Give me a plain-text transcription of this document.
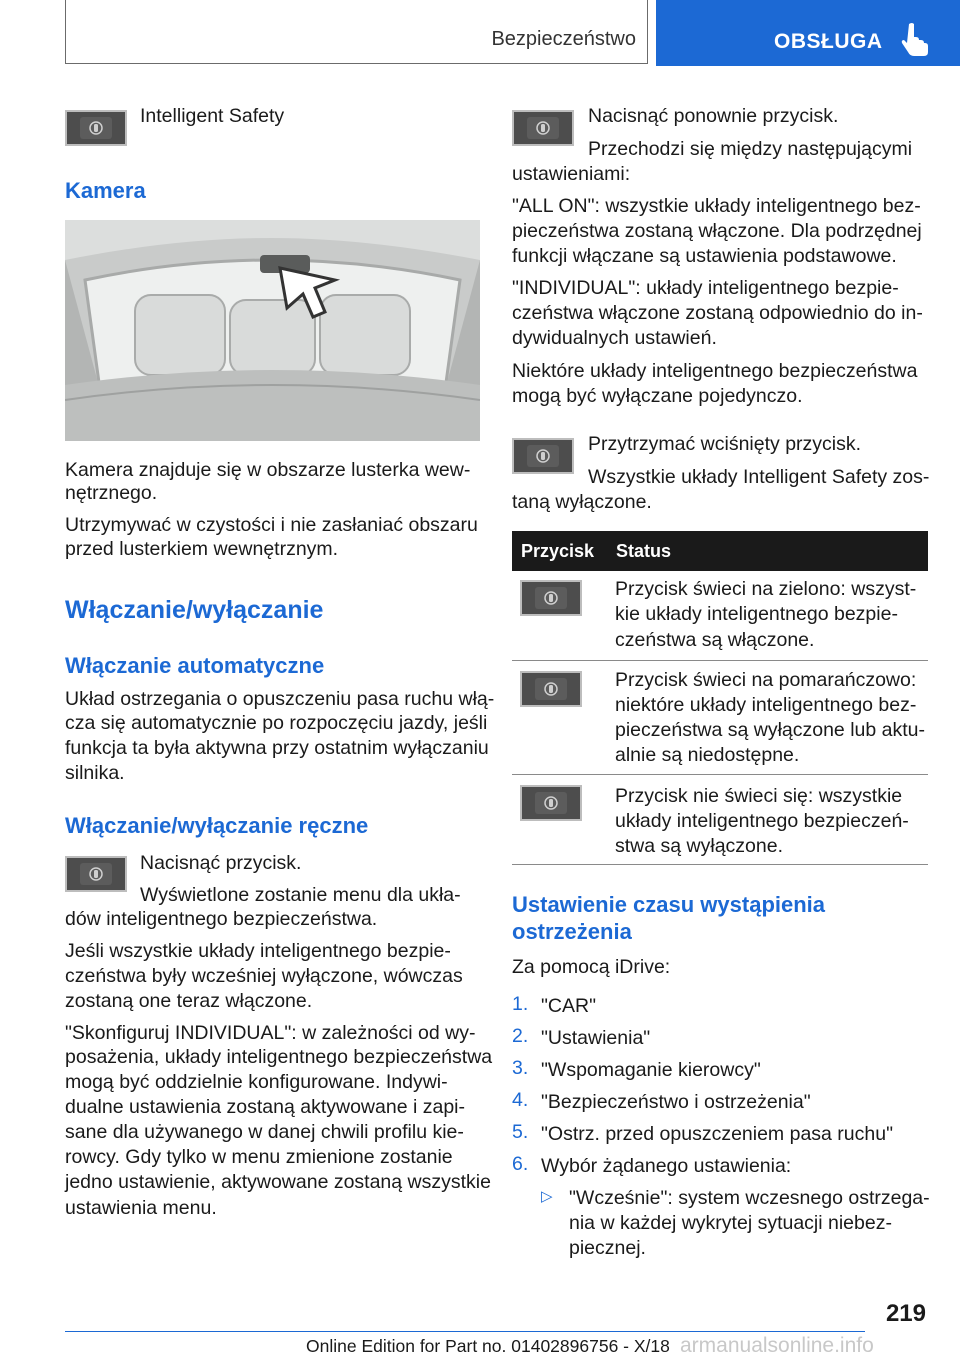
Bezpieczeństwo	OBSŁUGA
Intelligent Safety
Kamera
Kamera znajduje się w obszarze lusterka wew‐
nętrznego.
Utrzymywać w czystości i nie zasłaniać obszaru
przed lusterkiem wewnętrznym.
Włączanie/wyłączanie
Włączanie automatyczne
Układ ostrzegania o opuszczeniu pasa ruchu włą‐
cza się automatycznie po rozpoczęciu jazdy, jeśli
funkcja ta była aktywna przy ostatnim wyłączaniu
silnika.
Włączanie/wyłączanie ręczne
Nacisnąć przycisk.
Wyświetlone zostanie menu dla ukła‐
dów inteligentnego bezpieczeństwa.
Jeśli wszystkie układy inteligentnego bezpie‐
czeństwa były wcześniej wyłączone, wówczas
zostaną one teraz włączone.
"Skonfiguruj INDIVIDUAL": w zależności od wy‐
posażenia, układy inteligentnego bezpieczeństwa
mogą być oddzielnie konfigurowane. Indywi‐
dualne ustawienia zostaną aktywowane i zapi‐
sane dla używanego w danej chwili profilu kie‐
rowcy. Gdy tylko w menu zmienione zostanie
jedno ustawienie, aktywowane zostaną wszystkie
ustawienia menu.
Nacisnąć ponownie przycisk.
Przechodzi się między następującymi
ustawieniami:
"ALL ON": wszystkie układy inteligentnego bez‐
pieczeństwa zostaną włączone. Dla podrzędnej
funkcji włączane są ustawienia podstawowe.
"INDIVIDUAL": układy inteligentnego bezpie‐
czeństwa włączone zostaną odpowiednio do in‐
dywidualnych ustawień.
Niektóre układy inteligentnego bezpieczeństwa
mogą być wyłączane pojedynczo.
Przytrzymać wciśnięty przycisk.
Wszystkie układy Intelligent Safety zos‐
taną wyłączone.
Przycisk Status
Przycisk świeci na zielono: wszyst‐
kie układy inteligentnego bezpie‐
czeństwa są włączone.
Przycisk świeci na pomarańczowo:
niektóre układy inteligentnego bez‐
pieczeństwa są wyłączone lub aktu‐
alnie są niedostępne.
Przycisk nie świeci się: wszystkie
układy inteligentnego bezpieczeń‐
stwa są wyłączone.
Ustawienie czasu wystąpienia
ostrzeżenia
Za pomocą iDrive:
1. "CAR"
2. "Ustawienia"
3. "Wspomaganie kierowcy"
4. "Bezpieczeństwo i ostrzeżenia"
5. "Ostrz. przed opuszczeniem pasa ruchu"
6. Wybór żądanego ustawienia:
▷ "Wcześnie": system wczesnego ostrzega‐
nia w każdej wykrytej sytuacji niebez‐
piecznej.
219
Online Edition for Part no. 01402896756 - X/18 armanualsonline.info
